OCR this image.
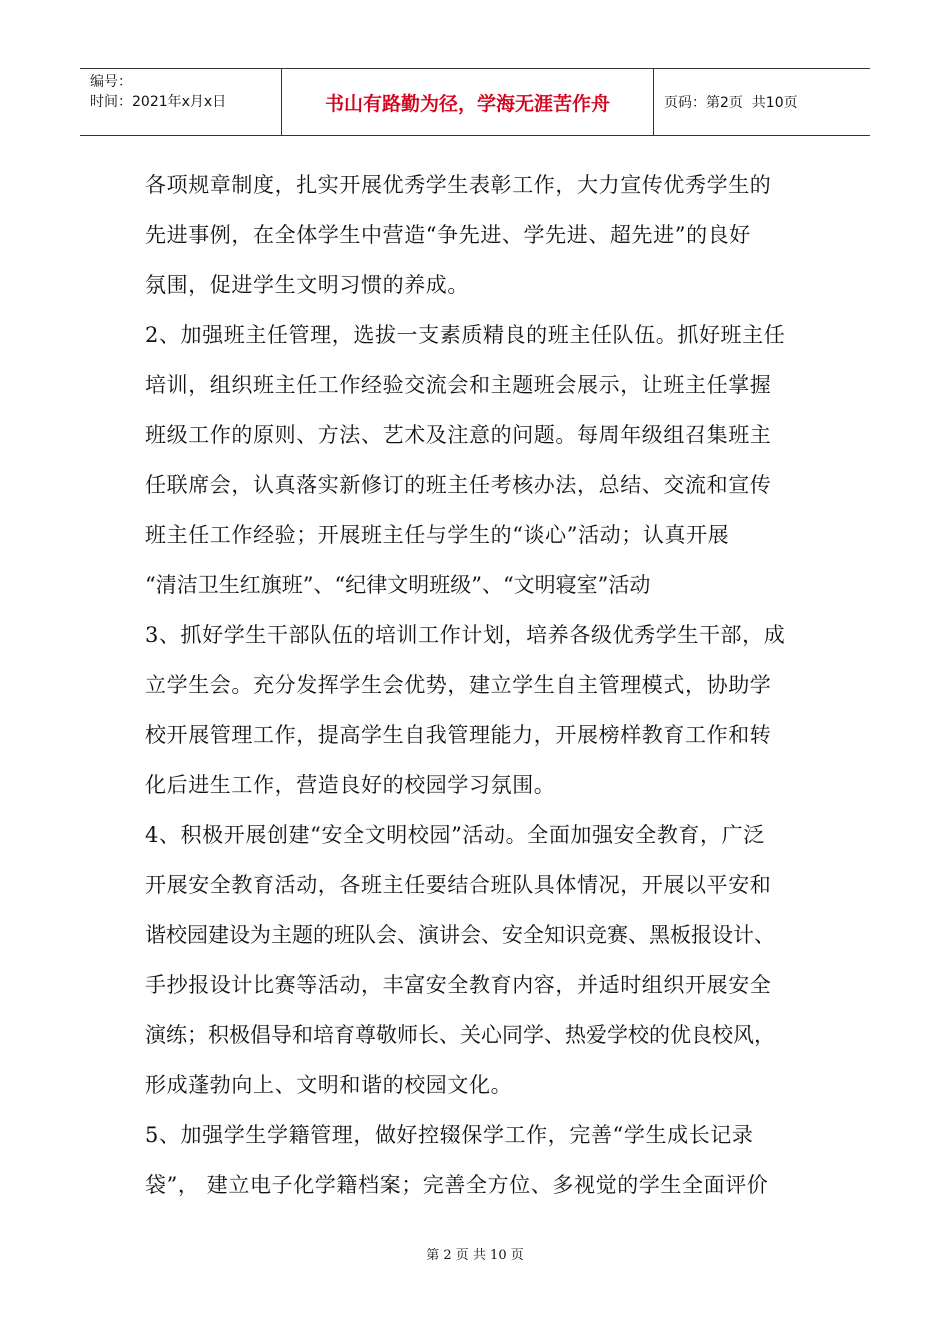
编号：
时间：2021年x月x日	书山有路勤为径，学海无涯苦作舟	页码：第2页  共10页
各项规章制度，扎实开展优秀学生表彰工作，大力宣传优秀学生的
先进事例，在全体学生中营造“争先进、学先进、超先进”的良好
氛围，促进学生文明习惯的养成。
2、加强班主任管理，选拔一支素质精良的班主任队伍。抓好班主任
培训，组织班主任工作经验交流会和主题班会展示，让班主任掌握
班级工作的原则、方法、艺术及注意的问题。每周年级组召集班主
任联席会，认真落实新修订的班主任考核办法，总结、交流和宣传
班主任工作经验；开展班主任与学生的“谈心”活动；认真开展
“清洁卫生红旗班”、“纪律文明班级”、“文明寝室”活动
3、抓好学生干部队伍的培训工作计划，培养各级优秀学生干部，成
立学生会。充分发挥学生会优势，建立学生自主管理模式，协助学
校开展管理工作，提高学生自我管理能力，开展榜样教育工作和转
化后进生工作，营造良好的校园学习氛围。
4、积极开展创建“安全文明校园”活动。全面加强安全教育，广泛
开展安全教育活动，各班主任要结合班队具体情况，开展以平安和
谐校园建设为主题的班队会、演讲会、安全知识竞赛、黑板报设计、
手抄报设计比赛等活动，丰富安全教育内容，并适时组织开展安全
演练；积极倡导和培育尊敬师长、关心同学、热爱学校的优良校风，
形成蓬勃向上、文明和谐的校园文化。
5、加强学生学籍管理，做好控辍保学工作，完善“学生成长记录
袋”， 建立电子化学籍档案；完善全方位、多视觉的学生全面评价
第 2 页 共 10 页
